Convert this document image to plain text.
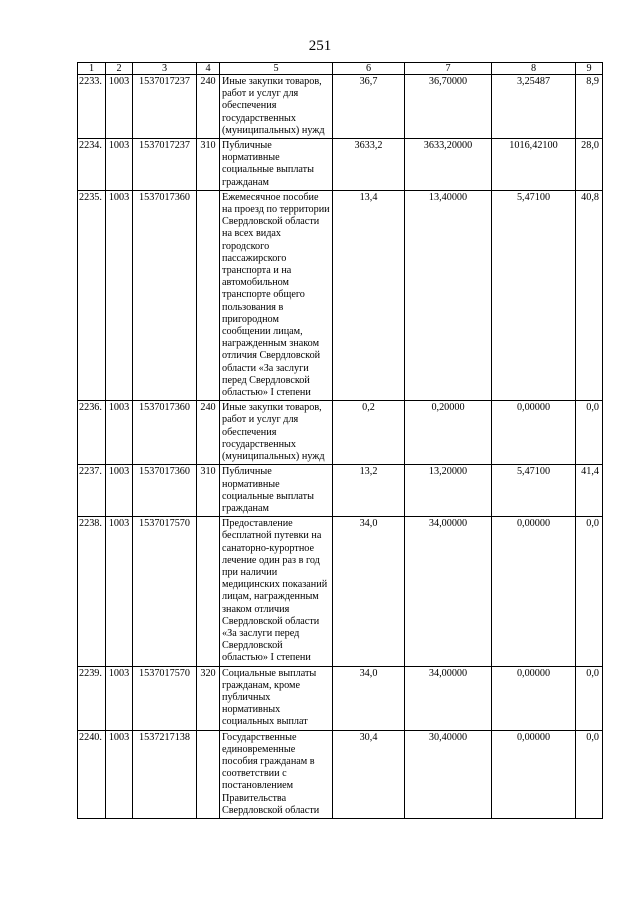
251
1	2	3	4	5	6	7	8	9
2233.	1003	1537017237	240	Иные закупки товаров, работ и услуг для обеспечения государственных (муниципальных) нужд	36,7	36,70000	3,25487	8,9
2234.	1003	1537017237	310	Публичные нормативные социальные выплаты гражданам	3633,2	3633,20000	1016,42100	28,0
2235.	1003	1537017360		Ежемесячное пособие на проезд по территории Свердловской области на всех видах городского пассажирского транспорта и на автомобильном транспорте общего пользования в пригородном сообщении лицам, награжденным знаком отличия Свердловской области «За заслуги перед Свердловской областью» I степени	13,4	13,40000	5,47100	40,8
2236.	1003	1537017360	240	Иные закупки товаров, работ и услуг для обеспечения государственных (муниципальных) нужд	0,2	0,20000	0,00000	0,0
2237.	1003	1537017360	310	Публичные нормативные социальные выплаты гражданам	13,2	13,20000	5,47100	41,4
2238.	1003	1537017570		Предоставление бесплатной путевки на санаторно-курортное лечение один раз в год при наличии медицинских показаний лицам, награжденным знаком отличия Свердловской области «За заслуги перед Свердловской областью» I степени	34,0	34,00000	0,00000	0,0
2239.	1003	1537017570	320	Социальные выплаты гражданам, кроме публичных нормативных социальных выплат	34,0	34,00000	0,00000	0,0
2240.	1003	1537217138		Государственные единовременные пособия гражданам в соответствии с постановлением Правительства Свердловской области	30,4	30,40000	0,00000	0,0
